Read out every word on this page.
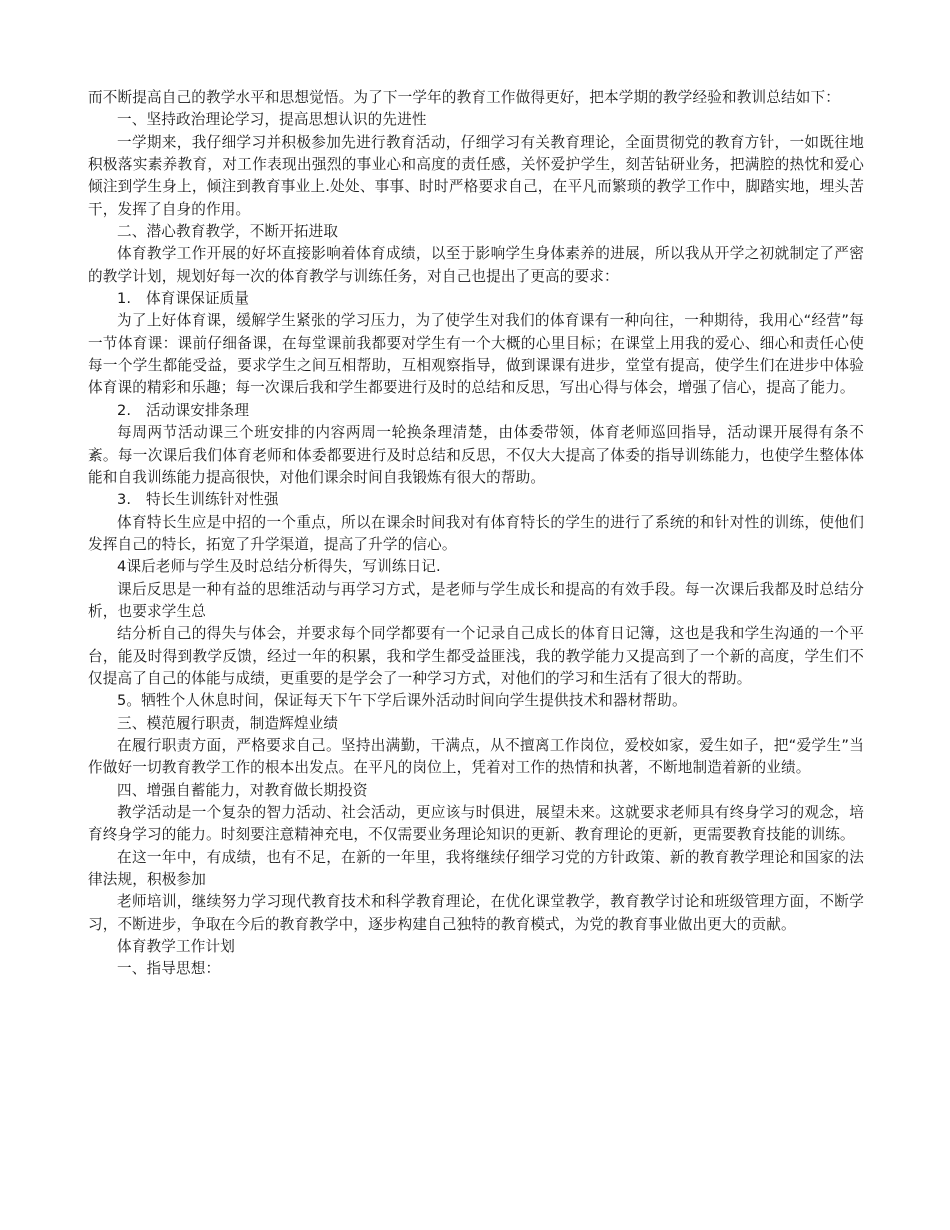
而不断提高自己的教学水平和思想觉悟。为了下一学年的教育工作做得更好，把本学期的教学经验和教训总结如下：

一、坚持政治理论学习，提高思想认识的先进性

一学期来，我仔细学习并积极参加先进行教育活动，仔细学习有关教育理论，全面贯彻党的教育方针，一如既往地积极落实素养教育，对工作表现出强烈的事业心和高度的责任感，关怀爱护学生，刻苦钻研业务，把满腔的热忱和爱心倾注到学生身上，倾注到教育事业上.处处、事事、时时严格要求自己，在平凡而繁琐的教学工作中，脚踏实地，埋头苦干，发挥了自身的作用。

二、潜心教育教学，不断开拓进取

体育教学工作开展的好坏直接影响着体育成绩，以至于影响学生身体素养的进展，所以我从开学之初就制定了严密的教学计划，规划好每一次的体育教学与训练任务，对自己也提出了更高的要求：

1.　体育课保证质量

为了上好体育课，缓解学生紧张的学习压力，为了使学生对我们的体育课有一种向往，一种期待，我用心“经营”每一节体育课：课前仔细备课，在每堂课前我都要对学生有一个大概的心里目标；在课堂上用我的爱心、细心和责任心使每一个学生都能受益，要求学生之间互相帮助，互相观察指导，做到课课有进步，堂堂有提高，使学生们在进步中体验体育课的精彩和乐趣；每一次课后我和学生都要进行及时的总结和反思，写出心得与体会，增强了信心，提高了能力。

2.　活动课安排条理

每周两节活动课三个班安排的内容两周一轮换条理清楚，由体委带领，体育老师巡回指导，活动课开展得有条不紊。每一次课后我们体育老师和体委都要进行及时总结和反思，不仅大大提高了体委的指导训练能力，也使学生整体体能和自我训练能力提高很快，对他们课余时间自我锻炼有很大的帮助。

3.　特长生训练针对性强

体育特长生应是中招的一个重点，所以在课余时间我对有体育特长的学生的进行了系统的和针对性的训练，使他们发挥自己的特长，拓宽了升学渠道，提高了升学的信心。

4课后老师与学生及时总结分析得失，写训练日记.

课后反思是一种有益的思维活动与再学习方式，是老师与学生成长和提高的有效手段。每一次课后我都及时总结分析，也要求学生总

结分析自己的得失与体会，并要求每个同学都要有一个记录自己成长的体育日记簿，这也是我和学生沟通的一个平台，能及时得到教学反馈，经过一年的积累，我和学生都受益匪浅，我的教学能力又提高到了一个新的高度，学生们不仅提高了自己的体能与成绩，更重要的是学会了一种学习方式，对他们的学习和生活有了很大的帮助。

5。牺牲个人休息时间，保证每天下午下学后课外活动时间向学生提供技术和器材帮助。

三、模范履行职责，制造辉煌业绩

在履行职责方面，严格要求自己。坚持出满勤，干满点，从不擅离工作岗位，爱校如家，爱生如子，把“爱学生”当作做好一切教育教学工作的根本出发点。在平凡的岗位上，凭着对工作的热情和执著，不断地制造着新的业绩。

四、增强自蓄能力，对教育做长期投资

教学活动是一个复杂的智力活动、社会活动，更应该与时俱进，展望未来。这就要求老师具有终身学习的观念，培育终身学习的能力。时刻要注意精神充电，不仅需要业务理论知识的更新、教育理论的更新，更需要教育技能的训练。

在这一年中，有成绩，也有不足，在新的一年里，我将继续仔细学习党的方针政策、新的教育教学理论和国家的法律法规，积极参加

老师培训，继续努力学习现代教育技术和科学教育理论，在优化课堂教学，教育教学讨论和班级管理方面，不断学习，不断进步，争取在今后的教育教学中，逐步构建自己独特的教育模式，为党的教育事业做出更大的贡献。

体育教学工作计划

一、指导思想：
